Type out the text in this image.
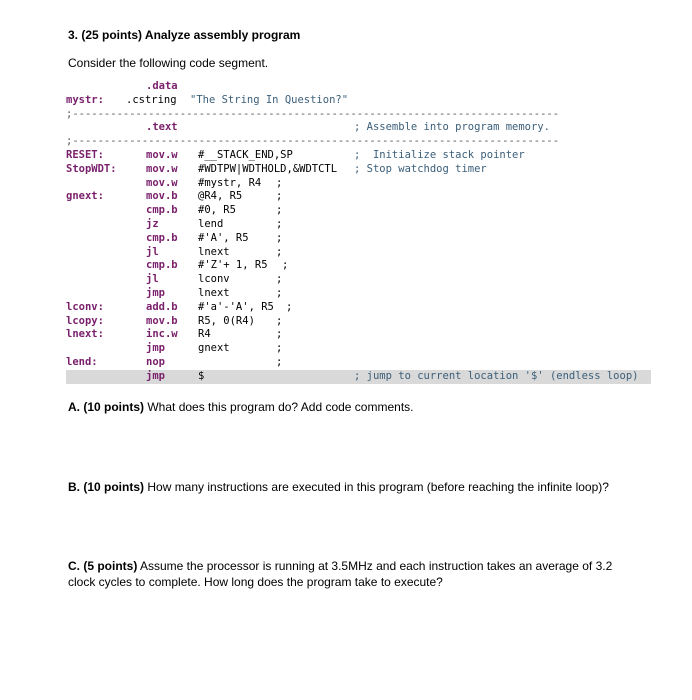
3. (25 points) Analyze assembly program
Consider the following code segment.

.data

mystr:

.cstring

"The String In Question?"

;-----------------------------------------------------------------------------

.text

	; Assemble into program memory.

;-----------------------------------------------------------------------------

RESET:	mov.w #__STACK_END,SP	;  Initialize stack pointer
StopWDT:	mov.w #WDTPW|WDTHOLD,&WDTCTL ; Stop watchdog timer
mov.w #mystr, R4 ;
gnext:	mov.b @R4, R5	;
cmp.b #0, R5	;
jz	lend	;
cmp.b #'A', R5	;
jl	lnext	;
cmp.b #'Z'+ 1, R5 ;
jl	lconv	;
jmp	lnext	;
lconv:	add.b #'a'-'A', R5 ;
lcopy:	mov.b R5, 0(R4) ;
lnext:	inc.w R4	;
jmp	gnext	;
lend:	nop	;
jmp	$	; jump to current location '$' (endless loop)
A. (10 points) What does this program do? Add code comments.
B. (10 points) How many instructions are executed in this program (before reaching the infinite loop)?
C. (5 points) Assume the processor is running at 3.5MHz and each instruction takes an average of 3.2 clock cycles to complete. How long does the program take to execute?
